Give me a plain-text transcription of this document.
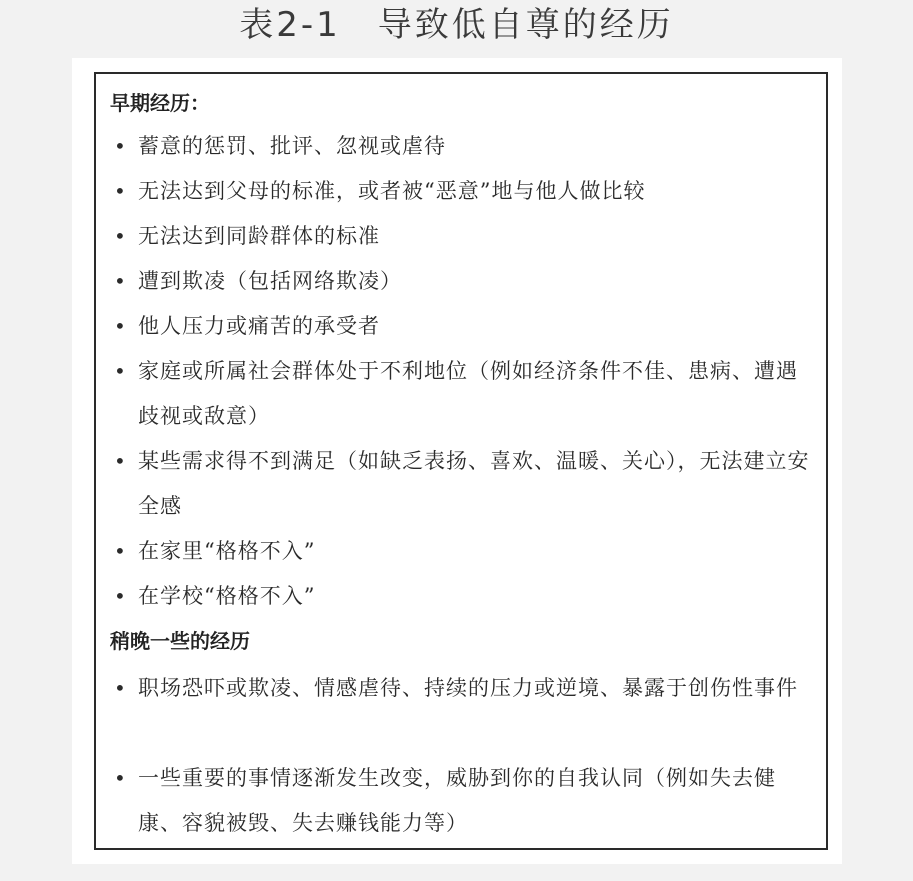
表2-1　导致低自尊的经历
早期经历：
• 蓄意的惩罚、批评、忽视或虐待
• 无法达到父母的标准，或者被“恶意”地与他人做比较
• 无法达到同龄群体的标准
• 遭到欺凌（包括网络欺凌）
• 他人压力或痛苦的承受者
• 家庭或所属社会群体处于不利地位（例如经济条件不佳、患病、遭遇歧视或敌意）
• 某些需求得不到满足（如缺乏表扬、喜欢、温暖、关心），无法建立安全感
• 在家里“格格不入”
• 在学校“格格不入”
稍晚一些的经历
• 职场恐吓或欺凌、情感虐待、持续的压力或逆境、暴露于创伤性事件
• 一些重要的事情逐渐发生改变，威胁到你的自我认同（例如失去健康、容貌被毁、失去赚钱能力等）
